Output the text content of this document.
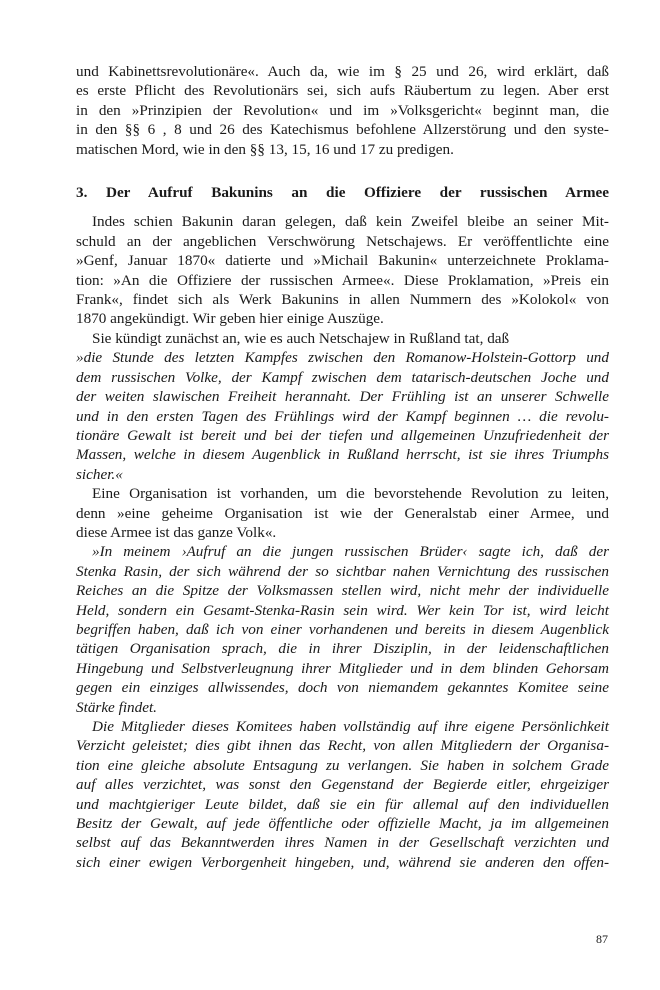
und Kabinettsrevolutionäre«. Auch da, wie im § 25 und 26, wird erklärt, daß

es erste Pflicht des Revolutionärs sei, sich aufs Räubertum zu legen. Aber erst

in den »Prinzipien der Revolution« und im »Volksgericht« beginnt man, die

in den §§ 6 , 8 und 26 des Katechismus befohlene Allzerstörung und den syste-

matischen Mord, wie in den §§ 13, 15, 16 und 17 zu predigen.

3. Der Aufruf Bakunins an die Offiziere der russischen Armee

Indes schien Bakunin daran gelegen, daß kein Zweifel bleibe an seiner Mit-

schuld an der angeblichen Verschwörung Netschajews. Er veröffentlichte eine

»Genf, Januar 1870« datierte und »Michail Bakunin« unterzeichnete Proklama-

tion: »An die Offiziere der russischen Armee«. Diese Proklamation, »Preis ein

Frank«, findet sich als Werk Bakunins in allen Nummern des »Kolokol« von

1870 angekündigt. Wir geben hier einige Auszüge.

Sie kündigt zunächst an, wie es auch Netschajew in Rußland tat, daß

»die Stunde des letzten Kampfes zwischen den Romanow-Holstein-Gottorp und

dem russischen Volke, der Kampf zwischen dem tatarisch-deutschen Joche und

der weiten slawischen Freiheit herannaht. Der Frühling ist an unserer Schwelle

und in den ersten Tagen des Frühlings wird der Kampf beginnen … die revolu-

tionäre Gewalt ist bereit und bei der tiefen und allgemeinen Unzufriedenheit der

Massen, welche in diesem Augenblick in Rußland herrscht, ist sie ihres Triumphs

sicher.«

Eine Organisation ist vorhanden, um die bevorstehende Revolution zu leiten,

denn »eine geheime Organisation ist wie der Generalstab einer Armee, und

diese Armee ist das ganze Volk«.

»In meinem ›Aufruf an die jungen russischen Brüder‹ sagte ich, daß der

Stenka Rasin, der sich während der so sichtbar nahen Vernichtung des russischen

Reiches an die Spitze der Volksmassen stellen wird, nicht mehr der individuelle

Held, sondern ein Gesamt-Stenka-Rasin sein wird. Wer kein Tor ist, wird leicht

begriffen haben, daß ich von einer vorhandenen und bereits in diesem Augenblick

tätigen Organisation sprach, die in ihrer Disziplin, in der leidenschaftlichen

Hingebung und Selbstverleugnung ihrer Mitglieder und in dem blinden Gehorsam

gegen ein einziges allwissendes, doch von niemandem gekanntes Komitee seine

Stärke findet.

Die Mitglieder dieses Komitees haben vollständig auf ihre eigene Persönlichkeit

Verzicht geleistet; dies gibt ihnen das Recht, von allen Mitgliedern der Organisa-

tion eine gleiche absolute Entsagung zu verlangen. Sie haben in solchem Grade

auf alles verzichtet, was sonst den Gegenstand der Begierde eitler, ehrgeiziger

und machtgieriger Leute bildet, daß sie ein für allemal auf den individuellen

Besitz der Gewalt, auf jede öffentliche oder offizielle Macht, ja im allgemeinen

selbst auf das Bekanntwerden ihres Namen in der Gesellschaft verzichten und

sich einer ewigen Verborgenheit hingeben, und, während sie anderen den offen-

87
